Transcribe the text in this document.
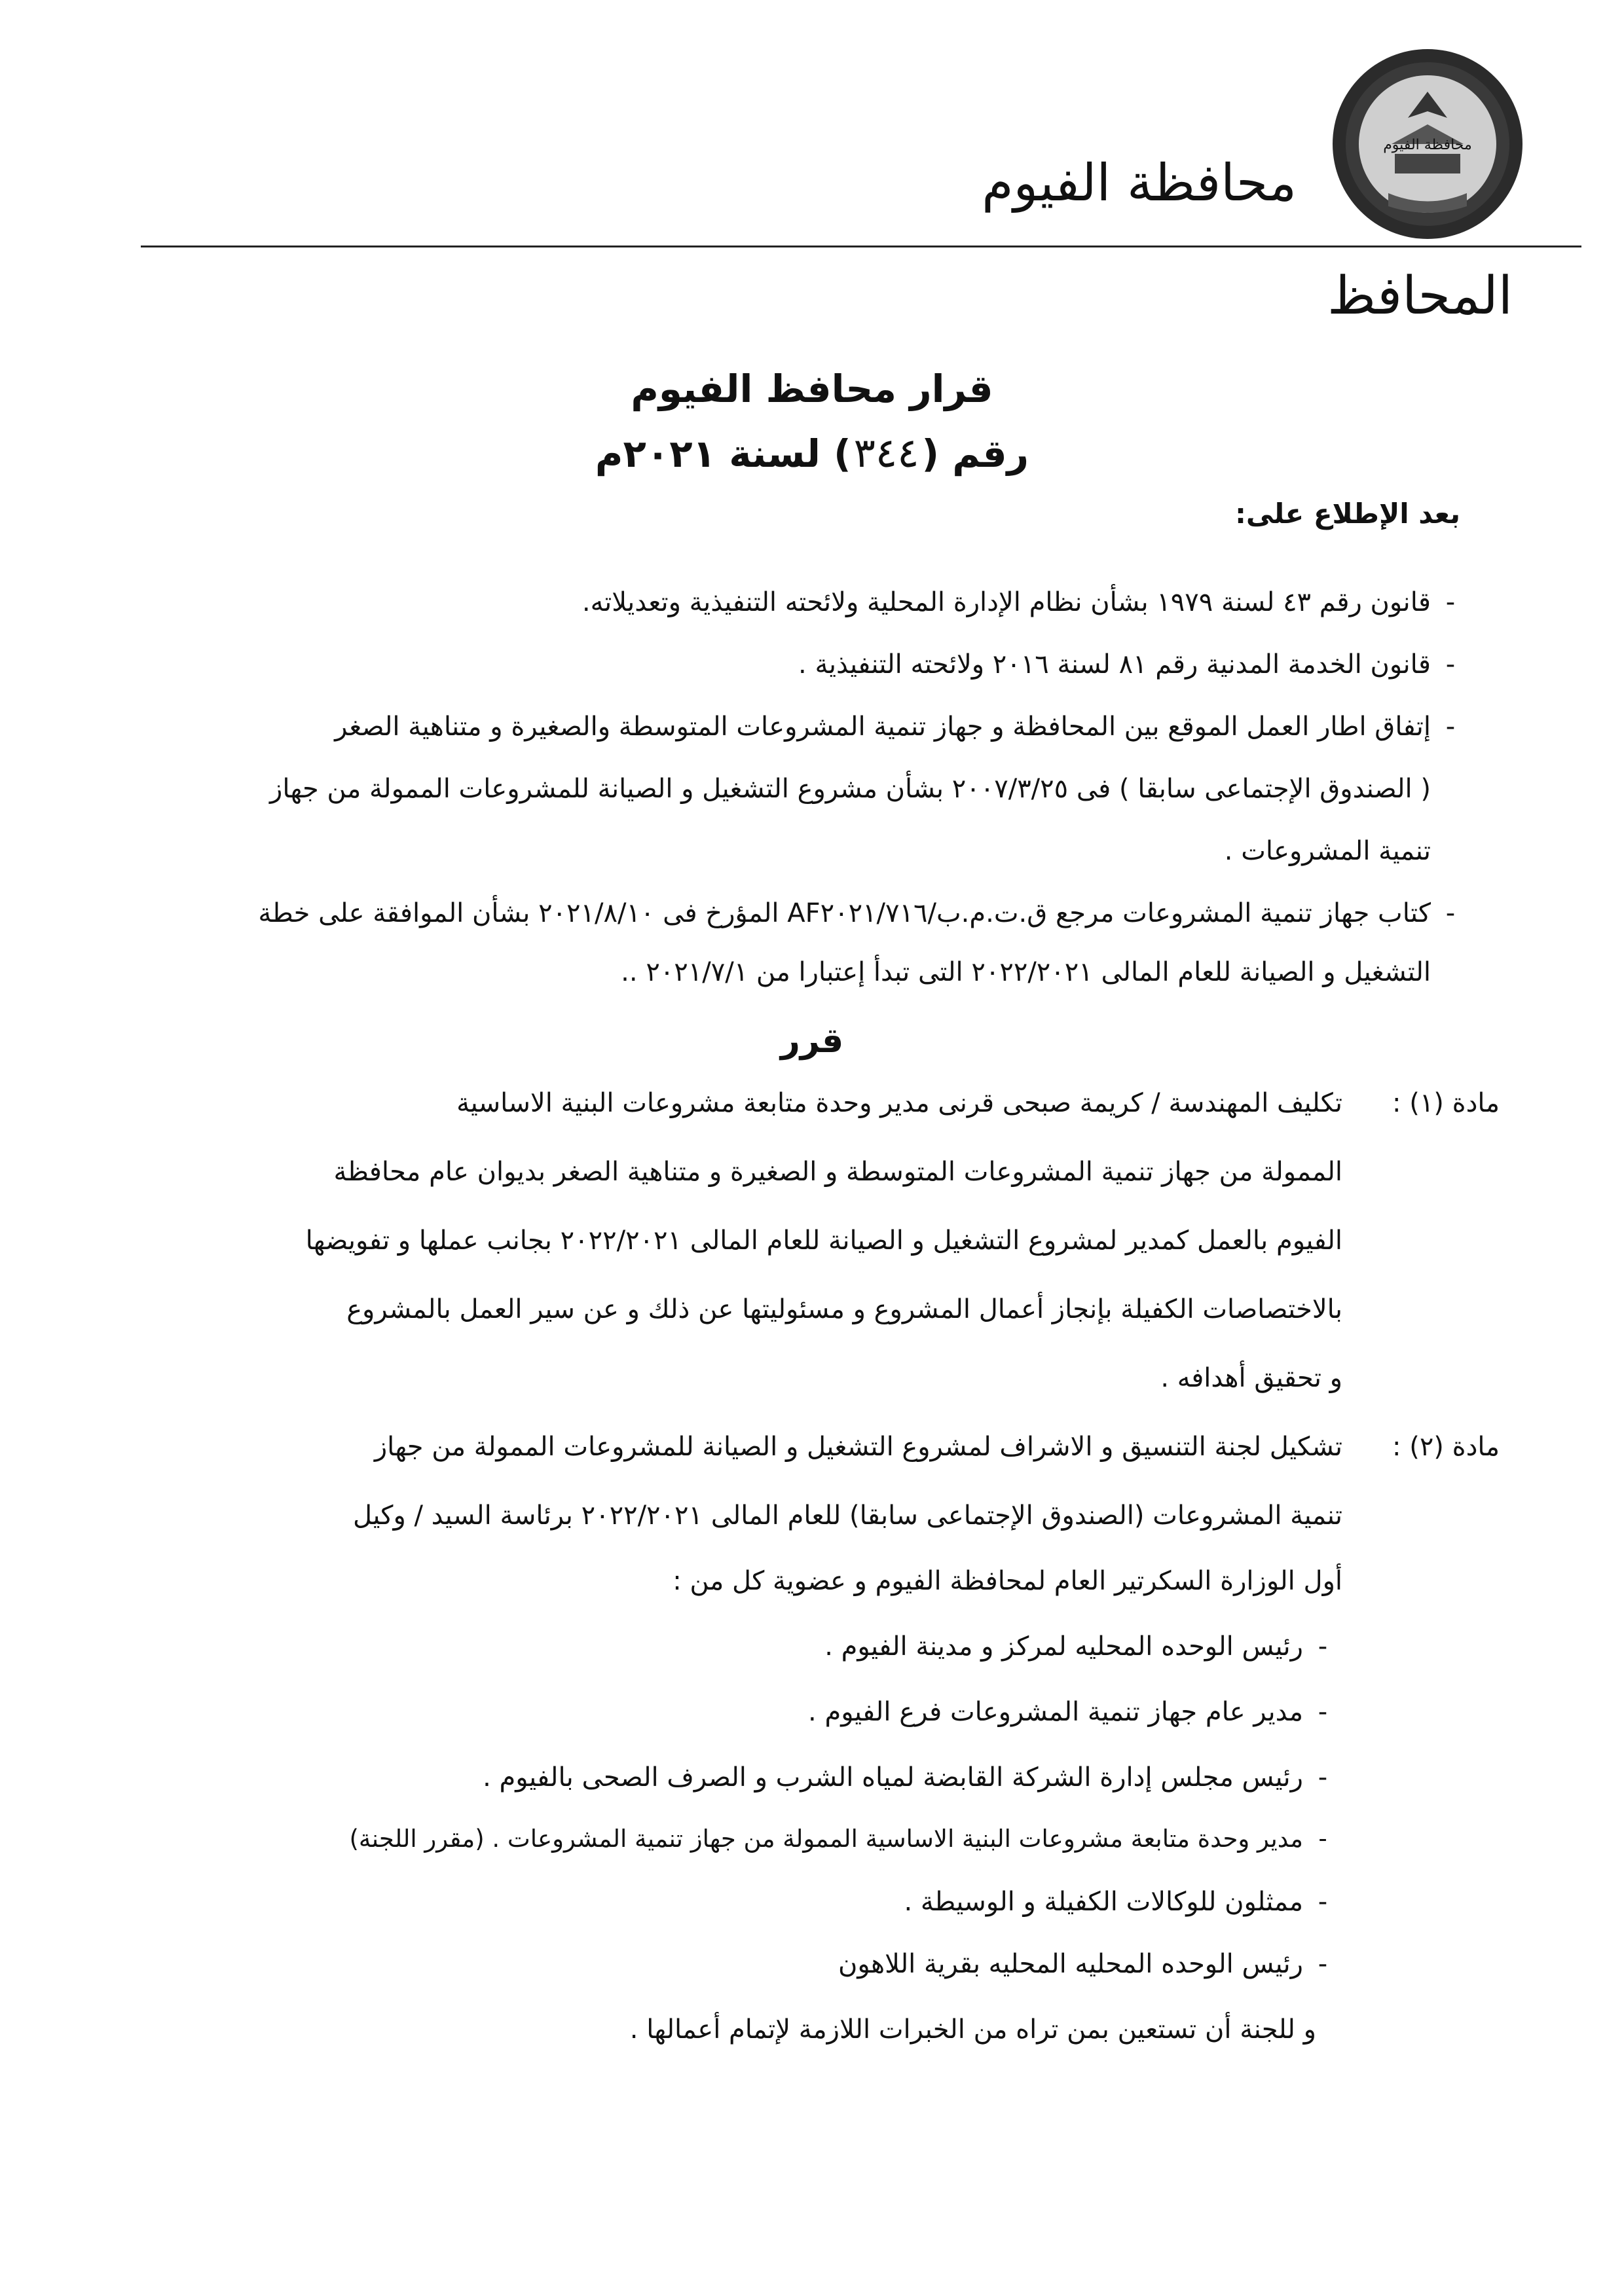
محافظة الفيوم
محافظة الفيوم
المحافظ
قرار محافظ الفيوم
رقم (٣٤٤) لسنة ٢٠٢١م
بعد الإطلاع على:
-قانون رقم ٤٣ لسنة ١٩٧٩ بشأن نظام الإدارة المحلية ولائحته التنفيذية وتعديلاته.
-قانون الخدمة المدنية رقم ٨١ لسنة ٢٠١٦ ولائحته التنفيذية .
-إتفاق اطار العمل الموقع بين المحافظة و جهاز تنمية المشروعات المتوسطة والصغيرة و متناهية الصغر
( الصندوق الإجتماعى سابقا ) فى ٢٠٠٧/٣/٢٥ بشأن مشروع التشغيل و الصيانة للمشروعات الممولة من جهاز
تنمية المشروعات .
-كتاب جهاز تنمية المشروعات مرجع ق.ت.م.ب/AF٢٠٢١/٧١٦ المؤرخ فى ٢٠٢١/٨/١٠ بشأن الموافقة على خطة
التشغيل و الصيانة للعام المالى ٢٠٢٢/٢٠٢١ التى تبدأ إعتبارا من ٢٠٢١/٧/١ ..
قرر
مادة (١) :
تكليف المهندسة / كريمة صبحى قرنى مدير وحدة متابعة مشروعات البنية الاساسية
الممولة من جهاز تنمية المشروعات المتوسطة و الصغيرة و متناهية الصغر بديوان عام محافظة
الفيوم بالعمل كمدير لمشروع التشغيل و الصيانة للعام المالى ٢٠٢٢/٢٠٢١ بجانب عملها و تفويضها
بالاختصاصات الكفيلة بإنجاز أعمال المشروع و مسئوليتها عن ذلك و عن سير العمل بالمشروع
و تحقيق أهدافه .
مادة (٢) :
تشكيل لجنة التنسيق و الاشراف لمشروع التشغيل و الصيانة للمشروعات الممولة من جهاز
تنمية المشروعات (الصندوق الإجتماعى سابقا) للعام المالى ٢٠٢٢/٢٠٢١ برئاسة السيد / وكيل
أول الوزارة السكرتير العام لمحافظة الفيوم و عضوية كل من :
-رئيس الوحده المحليه لمركز و مدينة الفيوم .
-مدير عام جهاز تنمية المشروعات فرع الفيوم .
-رئيس مجلس إدارة الشركة القابضة لمياه الشرب و الصرف الصحى بالفيوم .
-مدير وحدة متابعة مشروعات البنية الاساسية الممولة من جهاز تنمية المشروعات . (مقرر اللجنة)
-ممثلون للوكالات الكفيلة و الوسيطة .
-رئيس الوحده المحليه المحليه بقرية اللاهون
و للجنة أن تستعين بمن تراه من الخبرات اللازمة لإتمام أعمالها .
